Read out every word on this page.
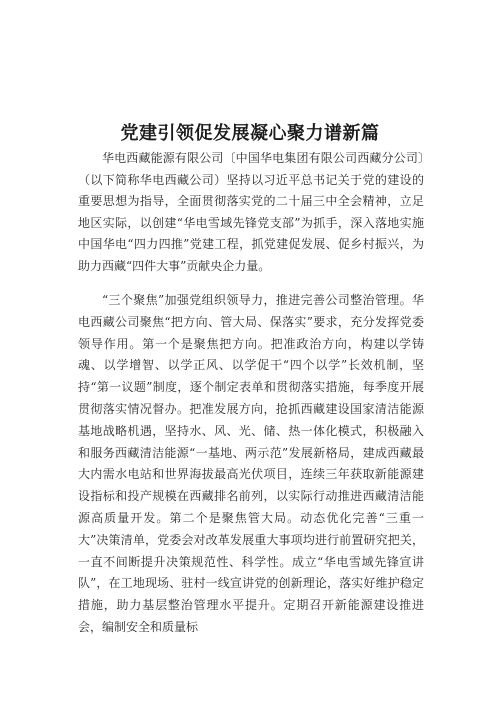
党建引领促发展凝心聚力谱新篇

华电西藏能源有限公司〔中国华电集团有限公司西藏分公司〕（以下简称华电西藏公司）坚持以习近平总书记关于党的建设的重要思想为指导，全面贯彻落实党的二十届三中全会精神，立足地区实际，以创建“华电雪域先锋党支部”为抓手，深入落地实施中国华电“四力四推”党建工程，抓党建促发展、促乡村振兴，为助力西藏“四件大事”贡献央企力量。

“三个聚焦”加强党组织领导力，推进完善公司整治管理。华电西藏公司聚焦“把方向、管大局、保落实”要求，充分发挥党委领导作用。第一个是聚焦把方向。把准政治方向，构建以学铸魂、以学增智、以学正风、以学促干“四个以学”长效机制，坚持“第一议题”制度，逐个制定表单和贯彻落实措施，每季度开展贯彻落实情况督办。把准发展方向，抢抓西藏建设国家清洁能源基地战略机遇，坚持水、风、光、储、热一体化模式，积极融入和服务西藏清洁能源“一基地、两示范”发展新格局，建成西藏最大内需水电站和世界海拔最高光伏项目，连续三年获取新能源建设指标和投产规模在西藏排名前列，以实际行动推进西藏清洁能源高质量开发。第二个是聚焦管大局。动态优化完善“三重一大”决策清单，党委会对改革发展重大事项均进行前置研究把关，一直不间断提升决策规范性、科学性。成立“华电雪域先锋宣讲队”，在工地现场、驻村一线宣讲党的创新理论，落实好维护稳定措施，助力基层整治管理水平提升。定期召开新能源建设推进会，编制安全和质量标
